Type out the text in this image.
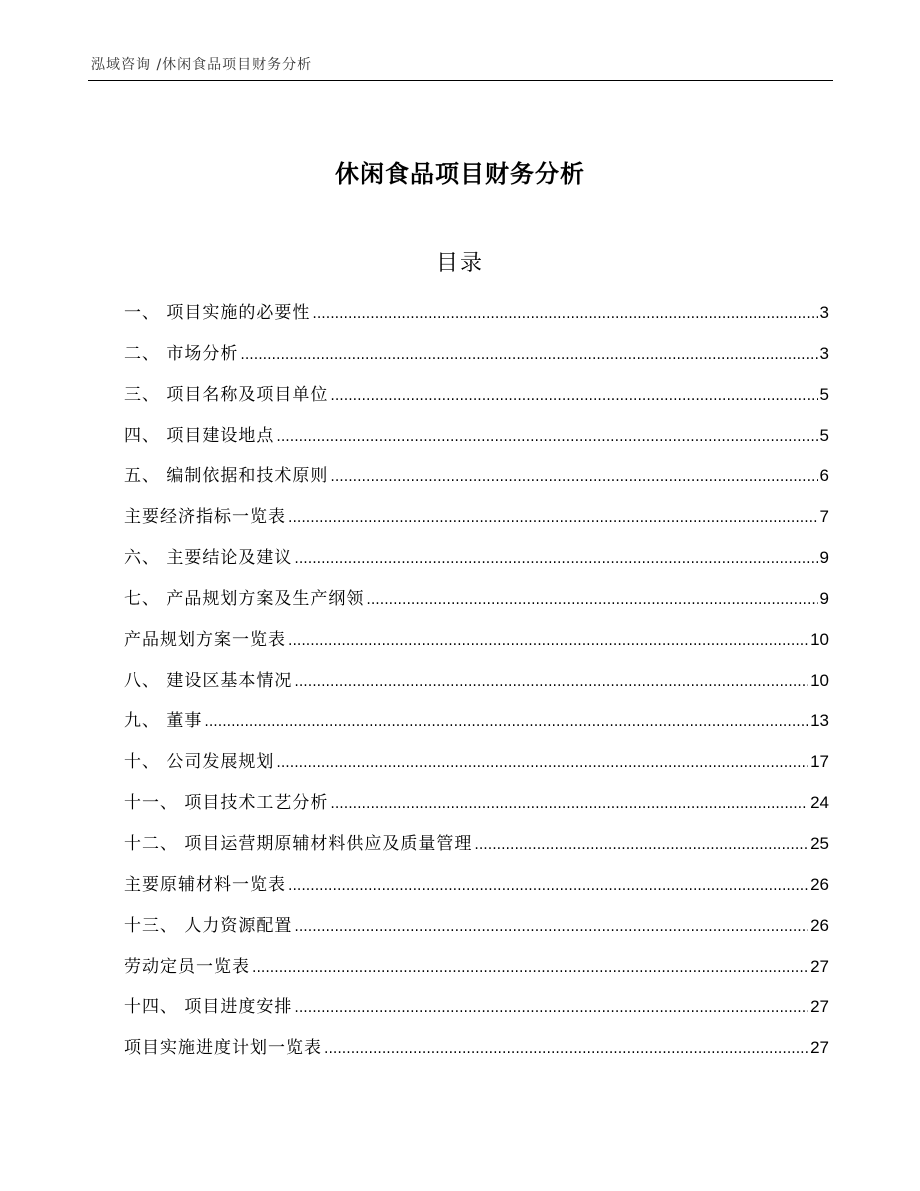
泓域咨询 /休闲食品项目财务分析
休闲食品项目财务分析
目录
一、 项目实施的必要性 .....	3
二、 市场分析 .....	3
三、 项目名称及项目单位 .....	5
四、 项目建设地点 .....	5
五、 编制依据和技术原则 .....	6
主要经济指标一览表 .....	7
六、 主要结论及建议 .....	9
七、 产品规划方案及生产纲领 .....	9
产品规划方案一览表 .....	10
八、 建设区基本情况 .....	10
九、 董事 .....	13
十、 公司发展规划 .....	17
十一、 项目技术工艺分析 .....	24
十二、 项目运营期原辅材料供应及质量管理 .....	25
主要原辅材料一览表 .....	26
十三、 人力资源配置 .....	26
劳动定员一览表 .....	27
十四、 项目进度安排 .....	27
项目实施进度计划一览表 .....	27
